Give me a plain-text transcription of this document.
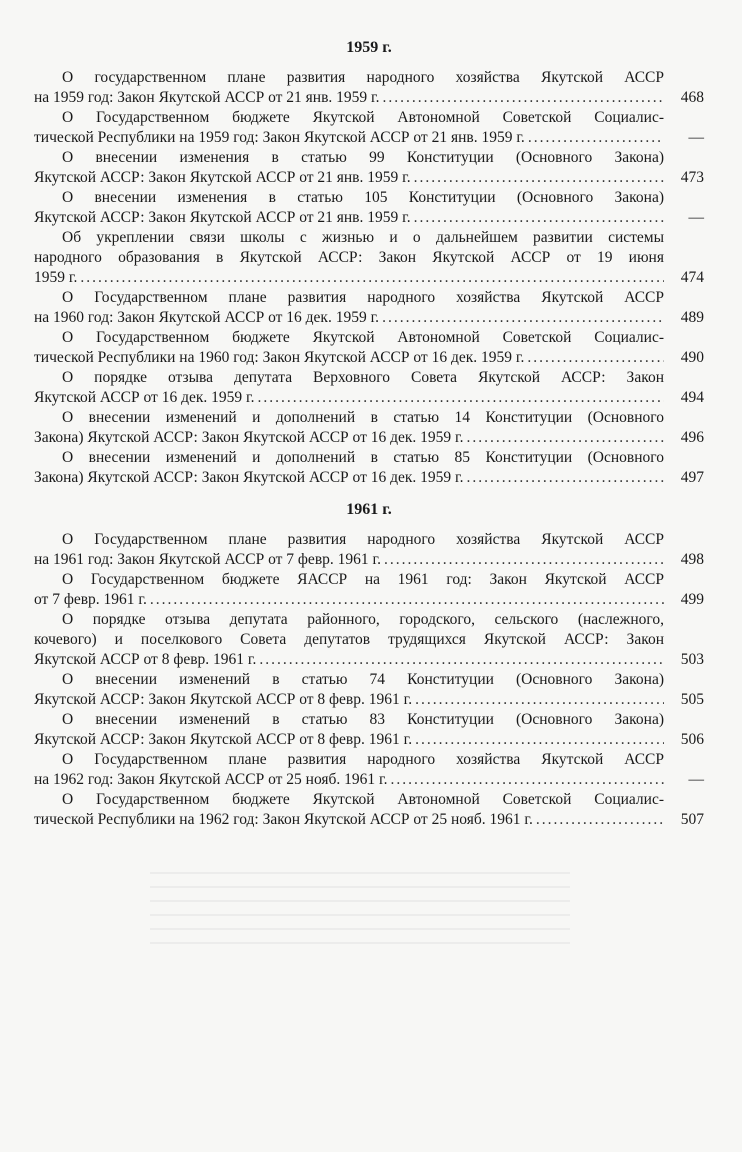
1959 г.
О государственном плане развития народного хозяйства Якутской АССР
на 1959 год: Закон Якутской АССР от 21 янв. 1959 г. .....	468
О Государственном бюджете Якутской Автономной Советской Социалис-
тической Республики на 1959 год: Закон Якутской АССР от 21 янв. 1959 г. .....	—
О внесении изменения в статью 99 Конституции (Основного Закона)
Якутской АССР: Закон Якутской АССР от 21 янв. 1959 г. .....	473
О внесении изменения в статью 105 Конституции (Основного Закона)
Якутской АССР: Закон Якутской АССР от 21 янв. 1959 г. .....	—
Об укреплении связи школы с жизнью и о дальнейшем развитии системы
народного образования в Якутской АССР: Закон Якутской АССР от 19 июня
1959 г. .....	474
О Государственном плане развития народного хозяйства Якутской АССР
на 1960 год: Закон Якутской АССР от 16 дек. 1959 г. .....	489
О Государственном бюджете Якутской Автономной Советской Социалис-
тической Республики на 1960 год: Закон Якутской АССР от 16 дек. 1959 г. .....	490
О порядке отзыва депутата Верховного Совета Якутской АССР: Закон
Якутской АССР от 16 дек. 1959 г. .....	494
О внесении изменений и дополнений в статью 14 Конституции (Основного
Закона) Якутской АССР: Закон Якутской АССР от 16 дек. 1959 г. .....	496
О внесении изменений и дополнений в статью 85 Конституции (Основного
Закона) Якутской АССР: Закон Якутской АССР от 16 дек. 1959 г. .....	497
1961 г.
О Государственном плане развития народного хозяйства Якутской АССР
на 1961 год: Закон Якутской АССР от 7 февр. 1961 г. .....	498
О Государственном бюджете ЯАССР на 1961 год: Закон Якутской АССР
от 7 февр. 1961 г. .....	499
О порядке отзыва депутата районного, городского, сельского (наслежного,
кочевого) и поселкового Совета депутатов трудящихся Якутской АССР: Закон
Якутской АССР от 8 февр. 1961 г. .....	503
О внесении изменений в статью 74 Конституции (Основного Закона)
Якутской АССР: Закон Якутской АССР от 8 февр. 1961 г. .....	505
О внесении изменений в статью 83 Конституции (Основного Закона)
Якутской АССР: Закон Якутской АССР от 8 февр. 1961 г. .....	506
О Государственном плане развития народного хозяйства Якутской АССР
на 1962 год: Закон Якутской АССР от 25 нояб. 1961 г. .....	—
О Государственном бюджете Якутской Автономной Советской Социалис-
тической Республики на 1962 год: Закон Якутской АССР от 25 нояб. 1961 г. .....	507
